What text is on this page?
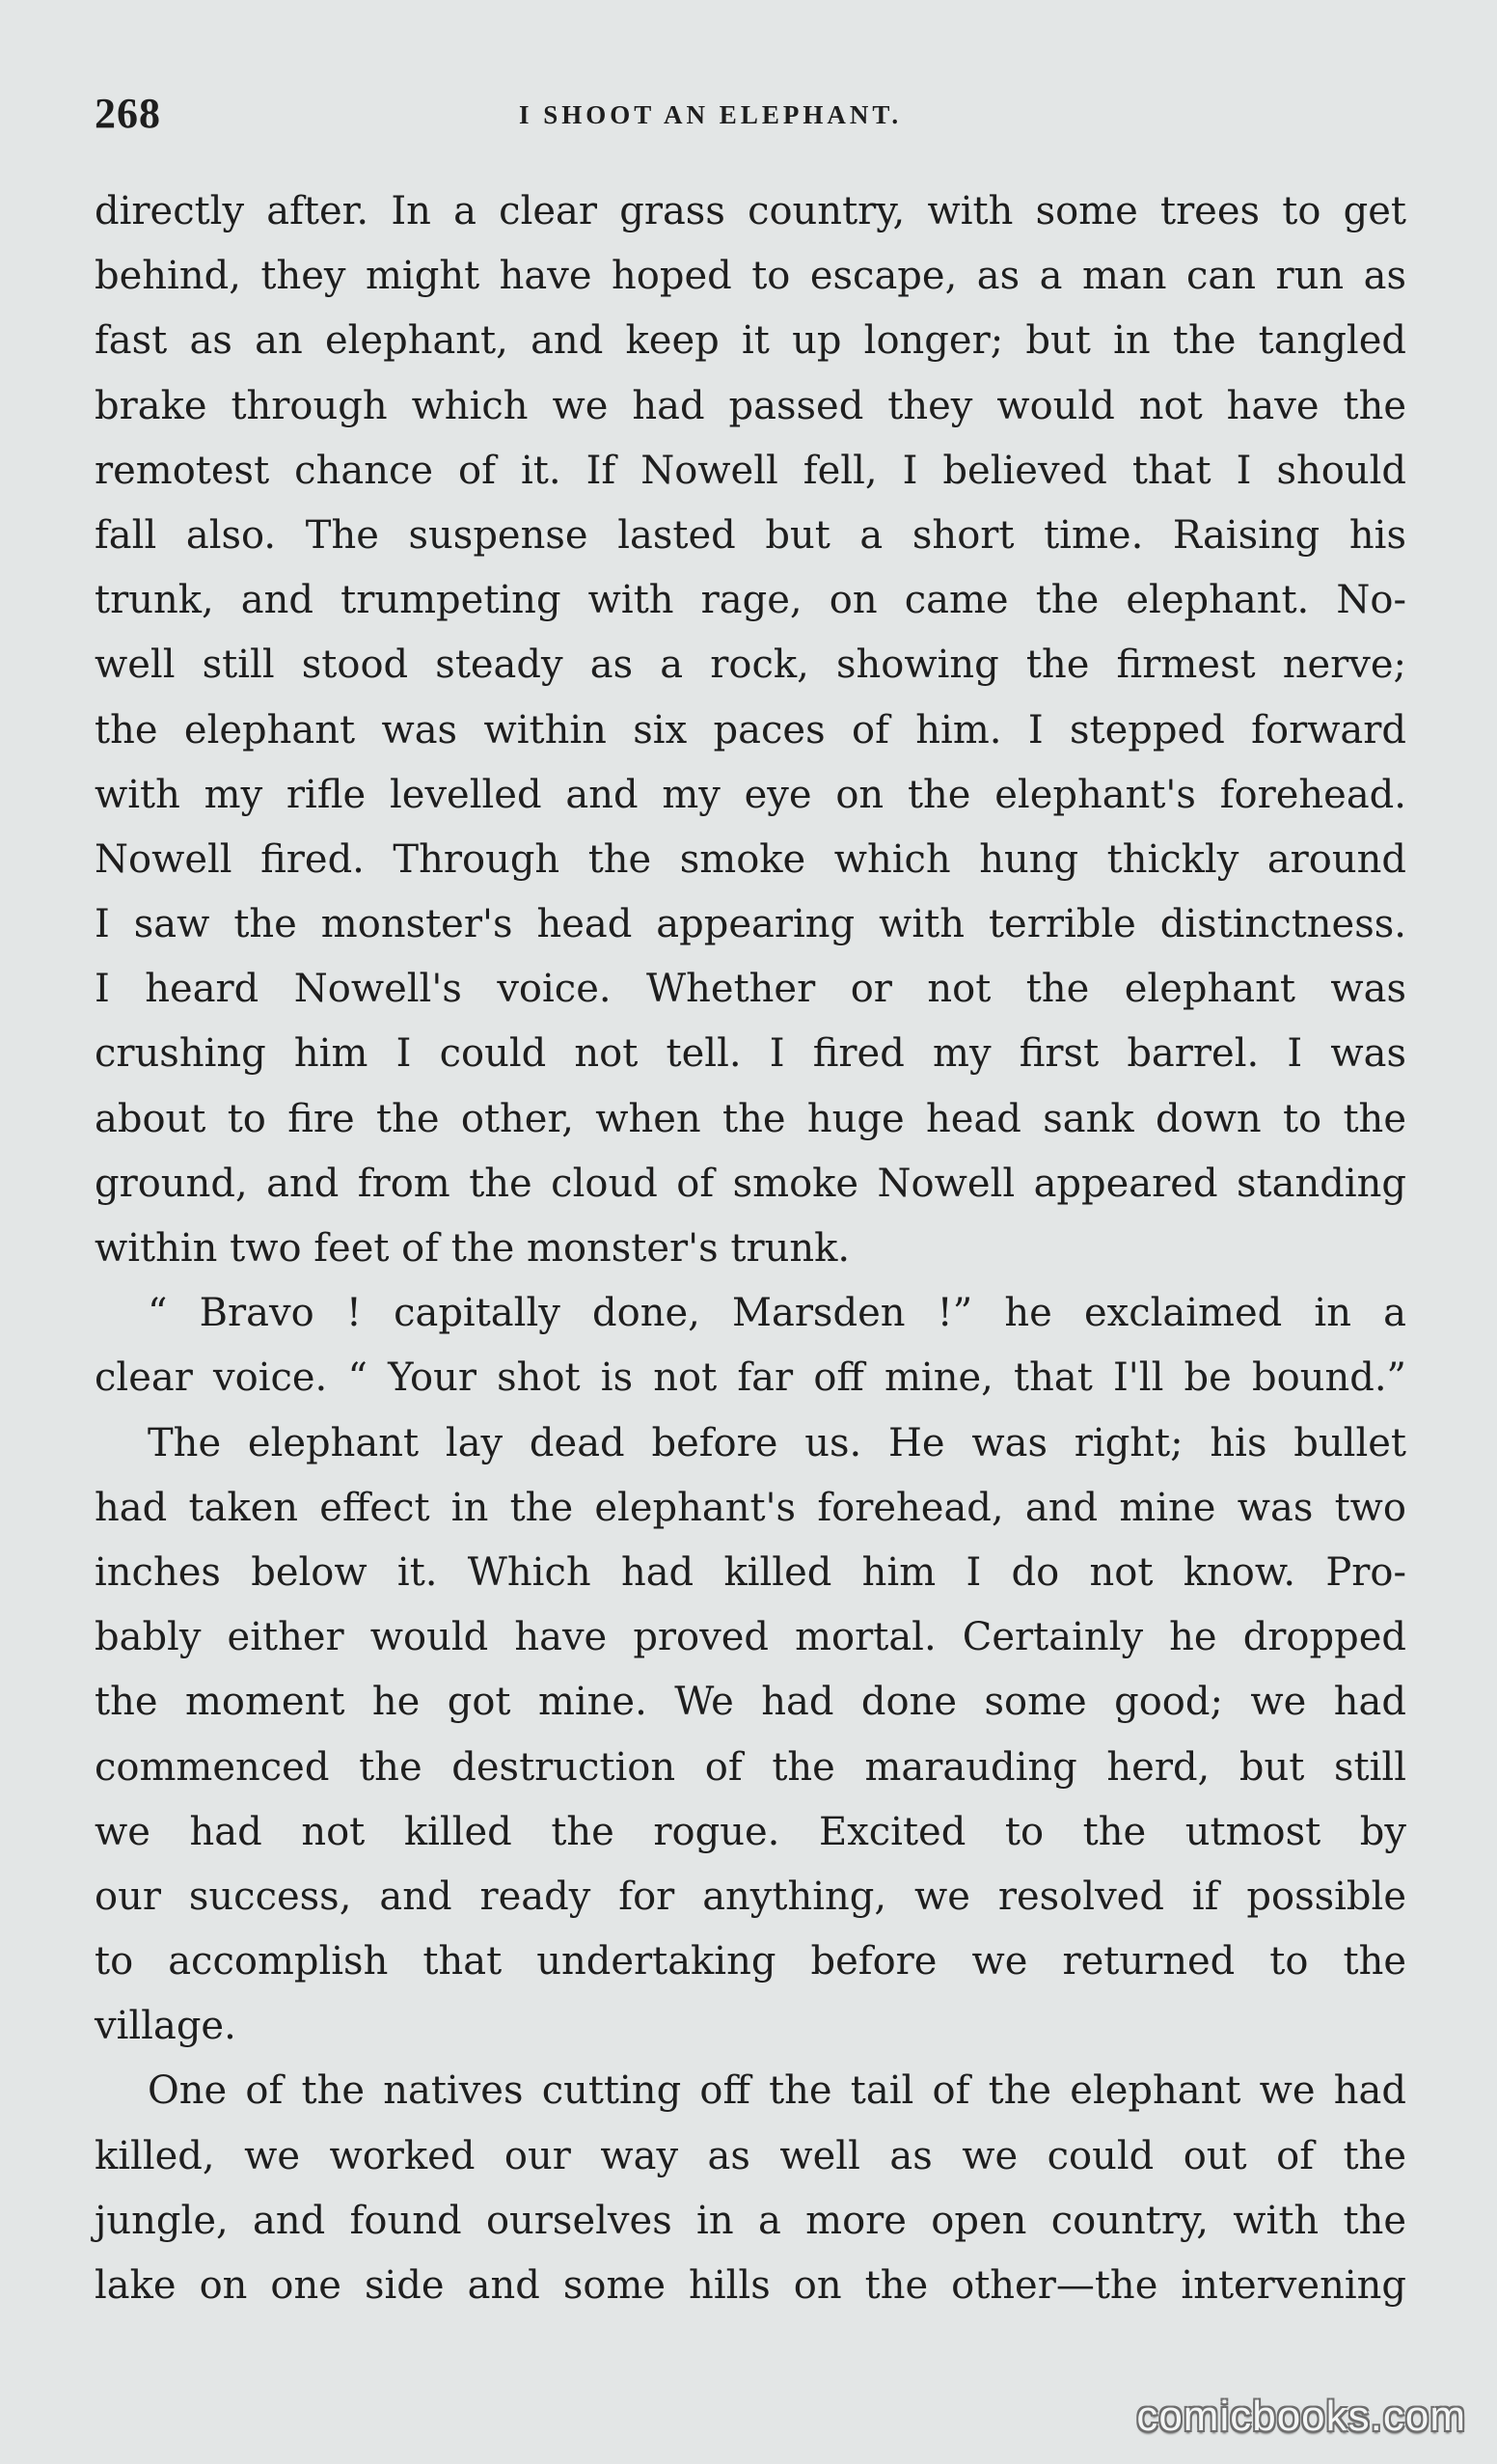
268	I SHOOT AN ELEPHANT.
directly after. In a clear grass country, with some trees to get
behind, they might have hoped to escape, as a man can run as
fast as an elephant, and keep it up longer; but in the tangled
brake through which we had passed they would not have the
remotest chance of it. If Nowell fell, I believed that I should
fall also. The suspense lasted but a short time. Raising his
trunk, and trumpeting with rage, on came the elephant. No-
well still stood steady as a rock, showing the firmest nerve;
the elephant was within six paces of him. I stepped forward
with my rifle levelled and my eye on the elephant's forehead.
Nowell fired. Through the smoke which hung thickly around
I saw the monster's head appearing with terrible distinctness.
I heard Nowell's voice. Whether or not the elephant was
crushing him I could not tell. I fired my first barrel. I was
about to fire the other, when the huge head sank down to the
ground, and from the cloud of smoke Nowell appeared standing
within two feet of the monster's trunk.
“ Bravo ! capitally done, Marsden !” he exclaimed in a
clear voice. “ Your shot is not far off mine, that I'll be bound.”
The elephant lay dead before us. He was right; his bullet
had taken effect in the elephant's forehead, and mine was two
inches below it. Which had killed him I do not know. Pro-
bably either would have proved mortal. Certainly he dropped
the moment he got mine. We had done some good; we had
commenced the destruction of the marauding herd, but still
we had not killed the rogue. Excited to the utmost by
our success, and ready for anything, we resolved if possible
to accomplish that undertaking before we returned to the
village.
One of the natives cutting off the tail of the elephant we had
killed, we worked our way as well as we could out of the
jungle, and found ourselves in a more open country, with the
lake on one side and some hills on the other—the intervening
comicbooks.com
